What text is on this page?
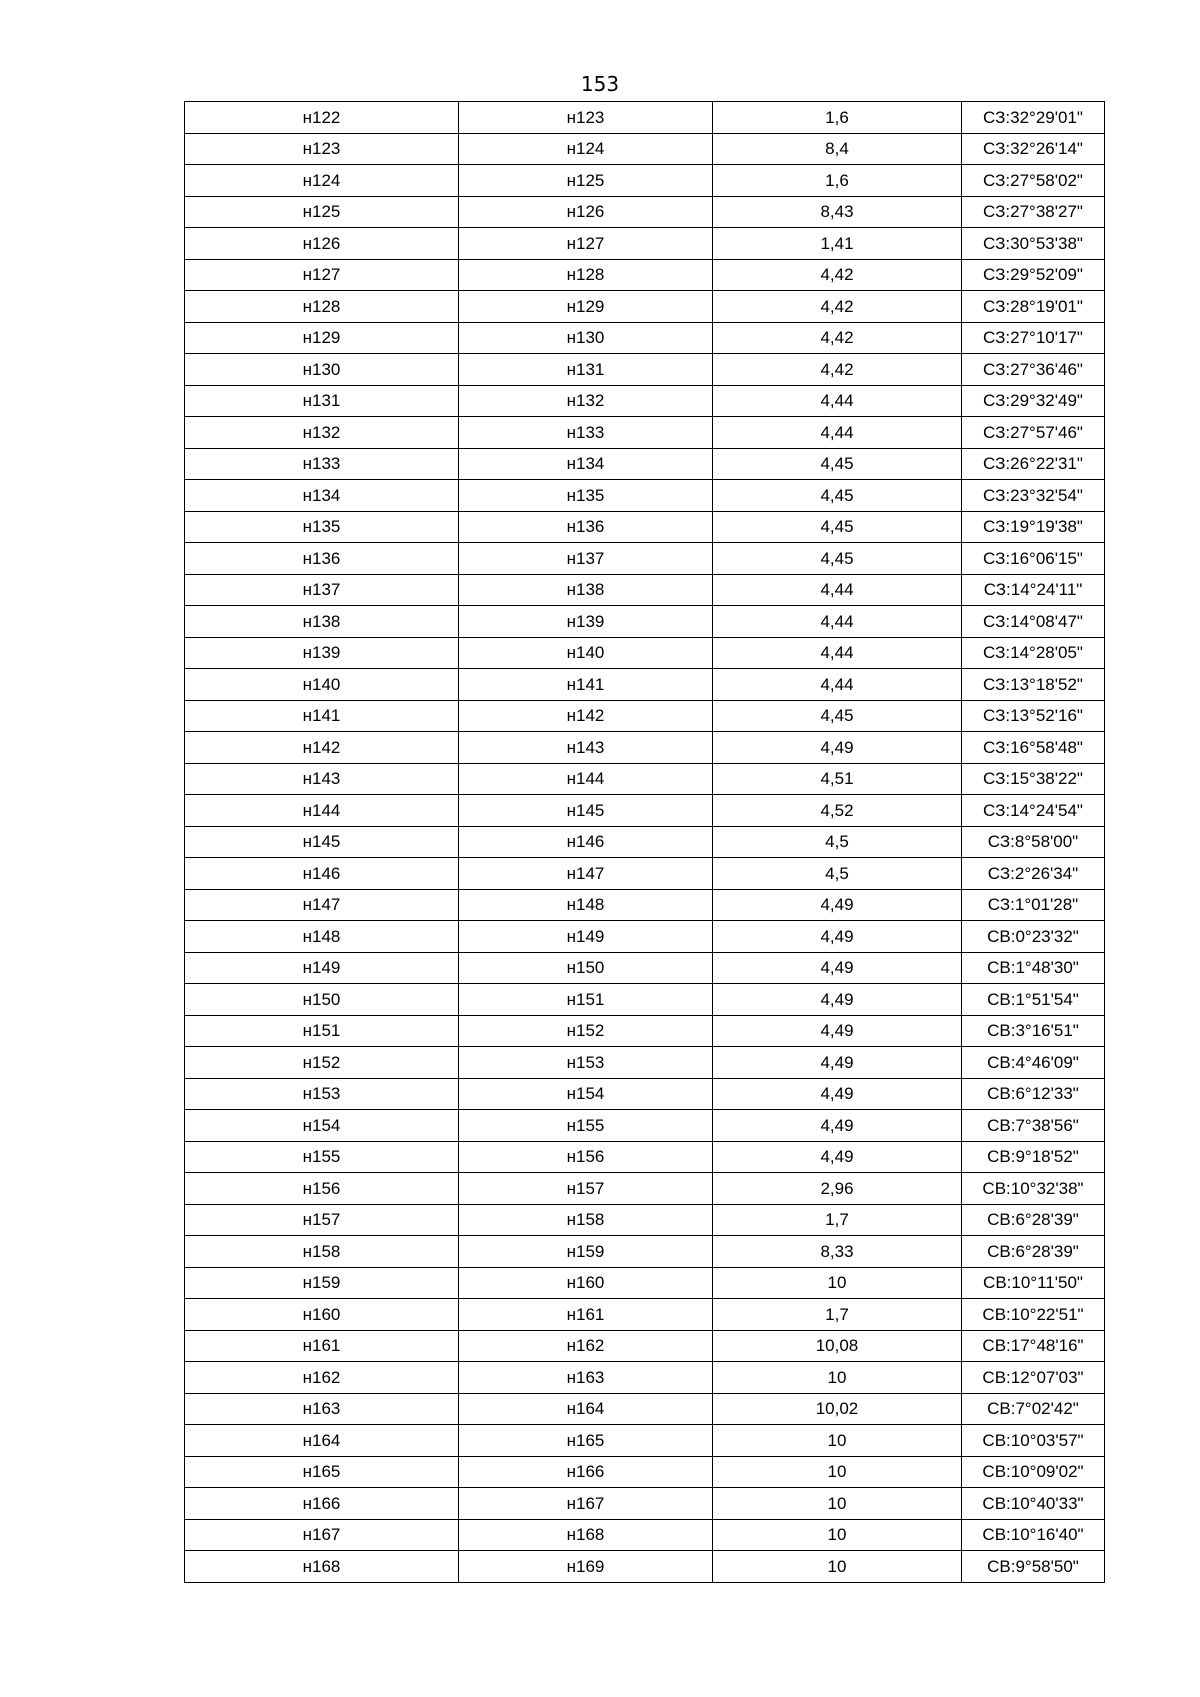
153
н122	н123	1,6	СЗ:32°29'01"
н123	н124	8,4	СЗ:32°26'14"
н124	н125	1,6	СЗ:27°58'02"
н125	н126	8,43	СЗ:27°38'27"
н126	н127	1,41	СЗ:30°53'38"
н127	н128	4,42	СЗ:29°52'09"
н128	н129	4,42	СЗ:28°19'01"
н129	н130	4,42	СЗ:27°10'17"
н130	н131	4,42	СЗ:27°36'46"
н131	н132	4,44	СЗ:29°32'49"
н132	н133	4,44	СЗ:27°57'46"
н133	н134	4,45	СЗ:26°22'31"
н134	н135	4,45	СЗ:23°32'54"
н135	н136	4,45	СЗ:19°19'38"
н136	н137	4,45	СЗ:16°06'15"
н137	н138	4,44	СЗ:14°24'11"
н138	н139	4,44	СЗ:14°08'47"
н139	н140	4,44	СЗ:14°28'05"
н140	н141	4,44	СЗ:13°18'52"
н141	н142	4,45	СЗ:13°52'16"
н142	н143	4,49	СЗ:16°58'48"
н143	н144	4,51	СЗ:15°38'22"
н144	н145	4,52	СЗ:14°24'54"
н145	н146	4,5	СЗ:8°58'00"
н146	н147	4,5	СЗ:2°26'34"
н147	н148	4,49	СЗ:1°01'28"
н148	н149	4,49	СВ:0°23'32"
н149	н150	4,49	СВ:1°48'30"
н150	н151	4,49	СВ:1°51'54"
н151	н152	4,49	СВ:3°16'51"
н152	н153	4,49	СВ:4°46'09"
н153	н154	4,49	СВ:6°12'33"
н154	н155	4,49	СВ:7°38'56"
н155	н156	4,49	СВ:9°18'52"
н156	н157	2,96	СВ:10°32'38"
н157	н158	1,7	СВ:6°28'39"
н158	н159	8,33	СВ:6°28'39"
н159	н160	10	СВ:10°11'50"
н160	н161	1,7	СВ:10°22'51"
н161	н162	10,08	СВ:17°48'16"
н162	н163	10	СВ:12°07'03"
н163	н164	10,02	СВ:7°02'42"
н164	н165	10	СВ:10°03'57"
н165	н166	10	СВ:10°09'02"
н166	н167	10	СВ:10°40'33"
н167	н168	10	СВ:10°16'40"
н168	н169	10	СВ:9°58'50"
